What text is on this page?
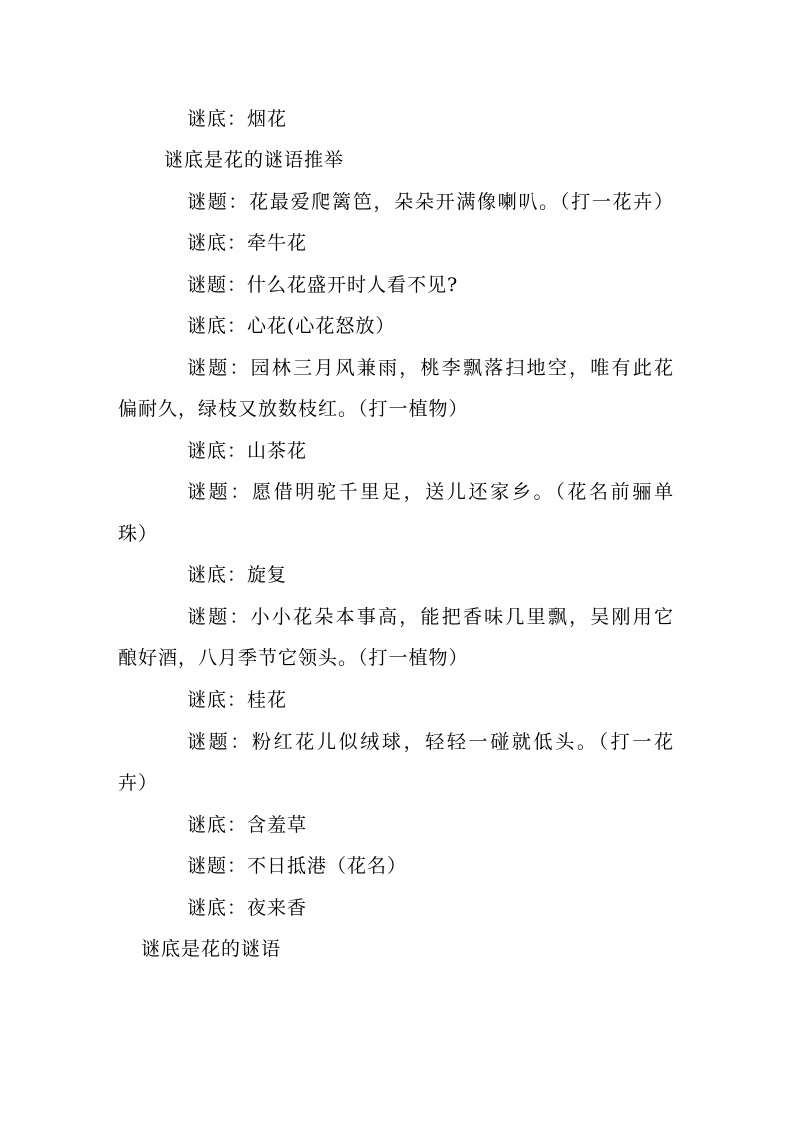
谜底：烟花
谜底是花的谜语推举
谜题：花最爱爬篱笆，朵朵开满像喇叭。（打一花卉）
谜底：牵牛花
谜题：什么花盛开时人看不见?
谜底：心花(心花怒放）
谜题：园林三月风兼雨，桃李飘落扫地空，唯有此花
偏耐久，绿枝又放数枝红。（打一植物）
谜底：山茶花
谜题：愿借明驼千里足，送儿还家乡。（花名前骊单
珠）
谜底：旋复
谜题：小小花朵本事高，能把香味几里飘，吴刚用它
酿好酒，八月季节它领头。（打一植物）
谜底：桂花
谜题：粉红花儿似绒球，轻轻一碰就低头。（打一花
卉）
谜底：含羞草
谜题：不日抵港（花名）
谜底：夜来香
谜底是花的谜语
